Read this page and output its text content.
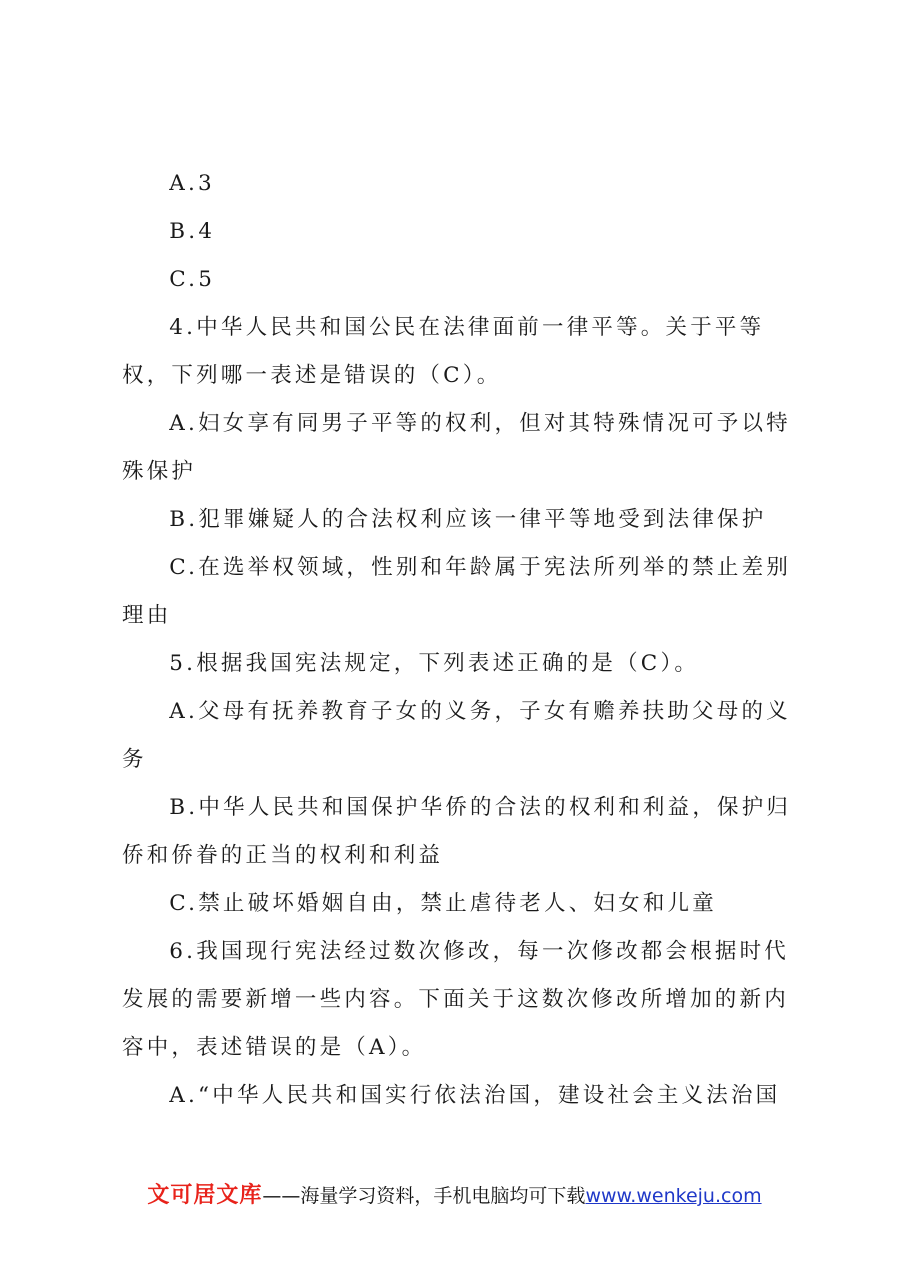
A.3

B.4

C.5

4.中华人民共和国公民在法律面前一律平等。关于平等权，下列哪一表述是错误的（C）。

A.妇女享有同男子平等的权利，但对其特殊情况可予以特殊保护

B.犯罪嫌疑人的合法权利应该一律平等地受到法律保护

C.在选举权领域，性别和年龄属于宪法所列举的禁止差别理由

5.根据我国宪法规定，下列表述正确的是（C）。

A.父母有抚养教育子女的义务，子女有赡养扶助父母的义务

B.中华人民共和国保护华侨的合法的权利和利益，保护归侨和侨眷的正当的权利和利益

C.禁止破坏婚姻自由，禁止虐待老人、妇女和儿童

6.我国现行宪法经过数次修改，每一次修改都会根据时代发展的需要新增一些内容。下面关于这数次修改所增加的新内容中，表述错误的是（A）。

A.“中华人民共和国实行依法治国，建设社会主义法治国

文可居文库——海量学习资料，手机电脑均可下载www.wenkeju.com
